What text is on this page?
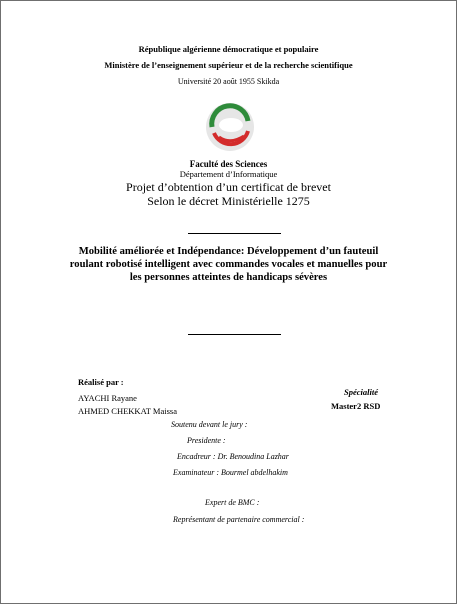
République algérienne démocratique et populaire
Ministère de l’enseignement supérieur et de la recherche scientifique
Université 20 août 1955 Skikda
Faculté des Sciences
Département d’Informatique
Projet d’obtention d’un certificat de brevet
Selon le décret Ministérielle 1275
Mobilité améliorée et Indépendance: Développement d’un fauteuil
roulant robotisé intelligent avec commandes vocales et manuelles pour
les personnes atteintes de handicaps sévères
Réalisé par :
AYACHI Rayane
AHMED CHEKKAT Maissa
Spécialité
Master2 RSD
Soutenu devant le jury :
Presidente :
Encadreur : Dr. Benoudina Lazhar
Examinateur : Bourmel abdelhakim
Expert de BMC :
Représentant de partenaire commercial :
